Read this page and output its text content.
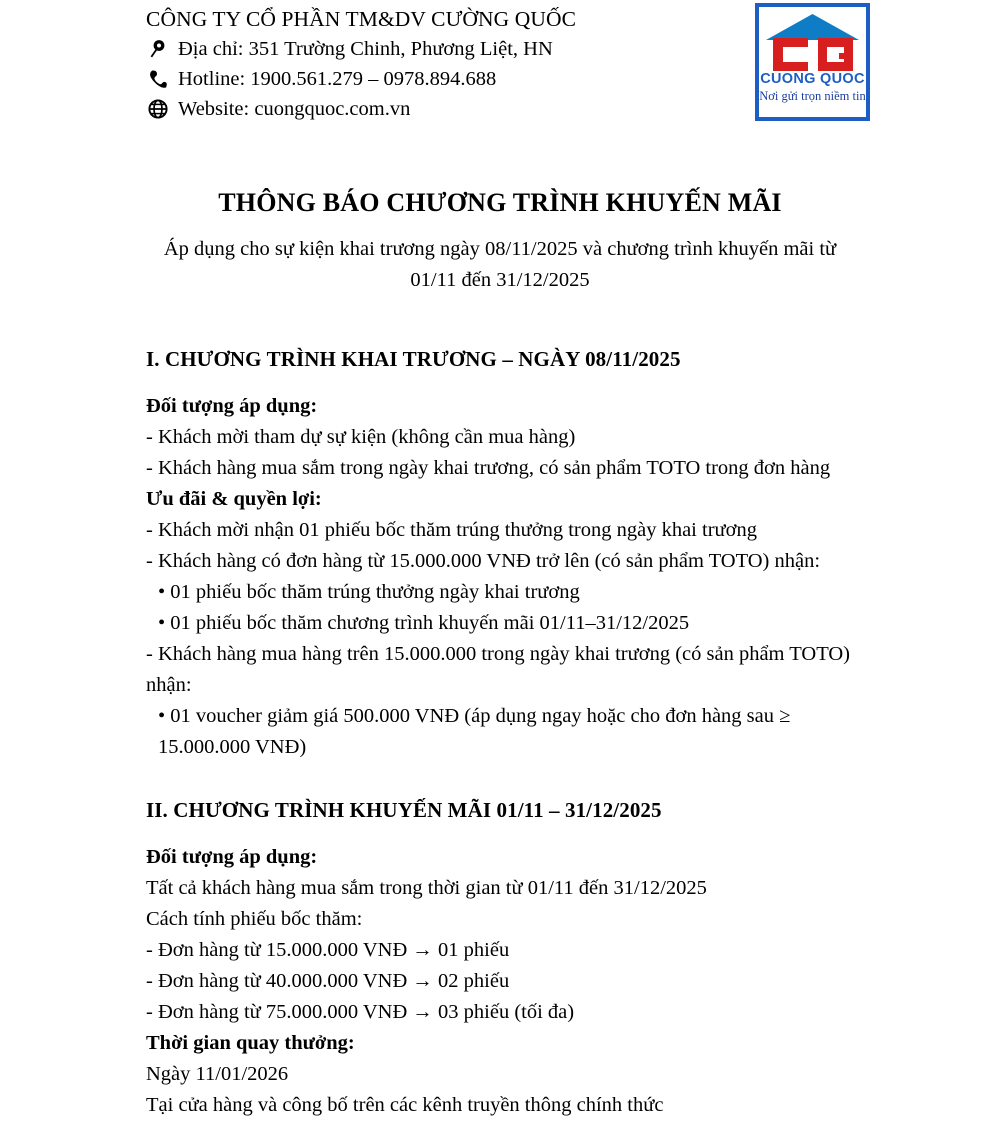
CÔNG TY CỔ PHẦN TM&DV CƯỜNG QUỐC
Địa chỉ: 351 Trường Chinh, Phương Liệt, HN
Hotline: 1900.561.279 – 0978.894.688
Website: cuongquoc.com.vn
CUONG QUOC
Nơi gửi trọn niềm tin
THÔNG BÁO CHƯƠNG TRÌNH KHUYẾN MÃI
Áp dụng cho sự kiện khai trương ngày 08/11/2025 và chương trình khuyến mãi từ 01/11 đến 31/12/2025
I. CHƯƠNG TRÌNH KHAI TRƯƠNG – NGÀY 08/11/2025
Đối tượng áp dụng:
- Khách mời tham dự sự kiện (không cần mua hàng)
- Khách hàng mua sắm trong ngày khai trương, có sản phẩm TOTO trong đơn hàng
Ưu đãi & quyền lợi:
- Khách mời nhận 01 phiếu bốc thăm trúng thưởng trong ngày khai trương
- Khách hàng có đơn hàng từ 15.000.000 VNĐ trở lên (có sản phẩm TOTO) nhận:
• 01 phiếu bốc thăm trúng thưởng ngày khai trương
• 01 phiếu bốc thăm chương trình khuyến mãi 01/11–31/12/2025
- Khách hàng mua hàng trên 15.000.000 trong ngày khai trương (có sản phẩm TOTO) nhận:
• 01 voucher giảm giá 500.000 VNĐ (áp dụng ngay hoặc cho đơn hàng sau ≥ 15.000.000 VNĐ)
II. CHƯƠNG TRÌNH KHUYẾN MÃI 01/11 – 31/12/2025
Đối tượng áp dụng:
Tất cả khách hàng mua sắm trong thời gian từ 01/11 đến 31/12/2025
Cách tính phiếu bốc thăm:
- Đơn hàng từ 15.000.000 VNĐ → 01 phiếu
- Đơn hàng từ 40.000.000 VNĐ → 02 phiếu
- Đơn hàng từ 75.000.000 VNĐ → 03 phiếu (tối đa)
Thời gian quay thưởng:
Ngày 11/01/2026
Tại cửa hàng và công bố trên các kênh truyền thông chính thức
